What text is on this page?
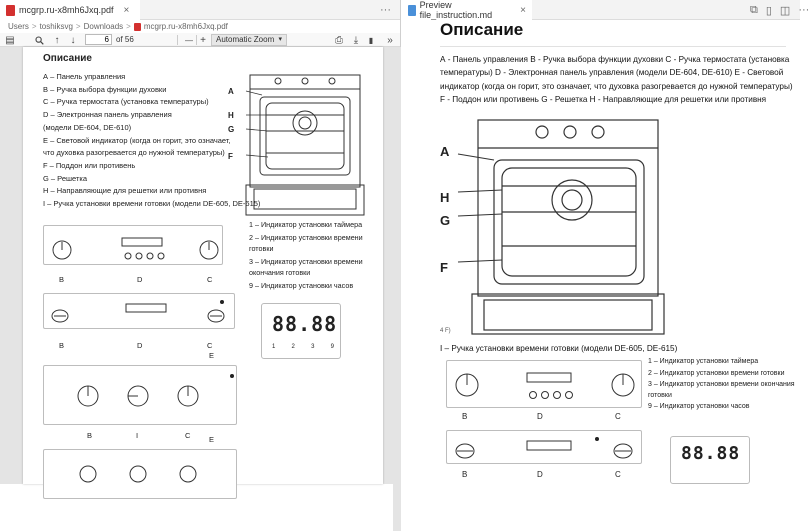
mcgrp.ru-x8mh6Jxq.pdf ×	···
Users > toshiksvg > Downloads > mcgrp.ru-x8mh6Jxq.pdf
▤	↑	↓
6	of 56	— +	Automatic Zoom ▾	⎙	⤓	▮	»
Описание
А – Панель управления
В – Ручка выбора функции духовки
С – Ручка термостата (установка температуры)
D – Электронная панель управления
(модели DE-604, DE-610)
Е – Световой индикатор (когда он горит, это означает,
что духовка разогревается до нужной температуры)
F – Поддон или противень
G – Решетка
Н – Направляющие для решетки или противня
I – Ручка установки времени готовки (модели DE-605, DE-615)
A
H
G
F
B	D	C
B	D	C
1 – Индикатор установки таймера
2 – Индикатор установки времени готовки
3 – Индикатор установки времени окончания готовки
9 – Индикатор установки часов
88.88
1	2	3	9
E
B	I	C E
Preview file_instruction.md	×	⧉ ▯ ◫ ···
Описание
А - Панель управления В - Ручка выбора функции духовки С - Ручка термостата (установка температуры) D - Электронная панель управления (модели DE-604, DE-610) Е - Световой индикатор (когда он горит, это означает, что духовка разогревается до нужной температуры) F - Поддон или противень G - Решетка Н - Направляющие для решетки или противня
A
H
G
F
4 F)
I – Ручка установки времени готовки (модели DE-605, DE-615)
B	D	C
B	D	C
1 – Индикатор установки таймера
2 – Индикатор установки времени готовки
3 – Индикатор установки времени окончания готовки
9 – Индикатор установки часов
88.88
